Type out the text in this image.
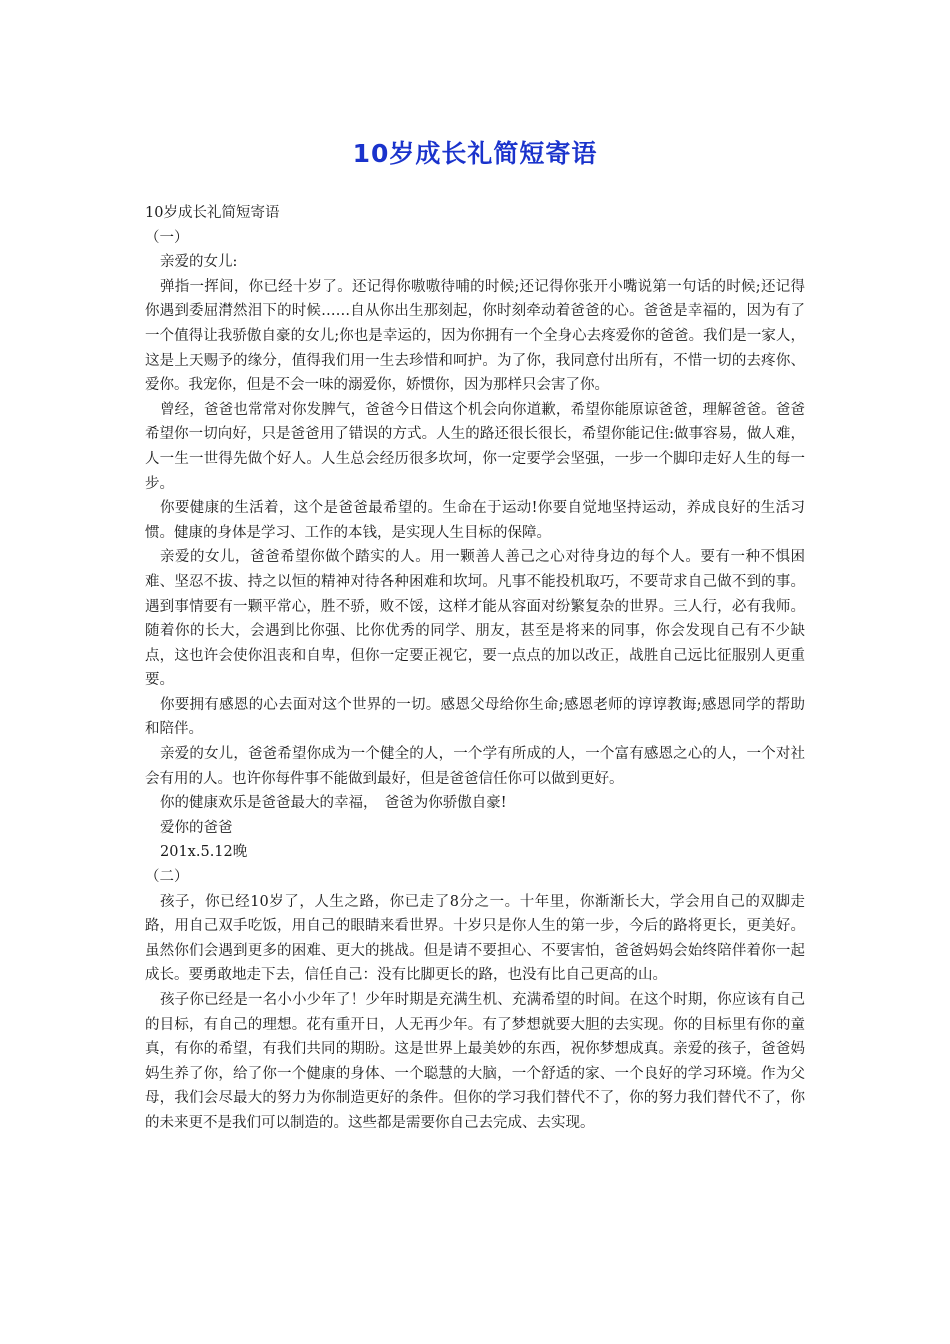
10岁成长礼简短寄语

10岁成长礼简短寄语

（一）

亲爱的女儿:

弹指一挥间，你已经十岁了。还记得你嗷嗷待哺的时候;还记得你张开小嘴说第一句话的时候;还记得你遇到委屈潸然泪下的时候……自从你出生那刻起，你时刻牵动着爸爸的心。爸爸是幸福的，因为有了一个值得让我骄傲自豪的女儿;你也是幸运的，因为你拥有一个全身心去疼爱你的爸爸。我们是一家人，这是上天赐予的缘分，值得我们用一生去珍惜和呵护。为了你，我同意付出所有，不惜一切的去疼你、爱你。我宠你，但是不会一味的溺爱你，娇惯你，因为那样只会害了你。

曾经，爸爸也常常对你发脾气，爸爸今日借这个机会向你道歉，希望你能原谅爸爸，理解爸爸。爸爸希望你一切向好，只是爸爸用了错误的方式。人生的路还很长很长，希望你能记住:做事容易，做人难，人一生一世得先做个好人。人生总会经历很多坎坷，你一定要学会坚强，一步一个脚印走好人生的每一步。

你要健康的生活着，这个是爸爸最希望的。生命在于运动!你要自觉地坚持运动，养成良好的生活习惯。健康的身体是学习、工作的本钱，是实现人生目标的保障。

亲爱的女儿，爸爸希望你做个踏实的人。用一颗善人善己之心对待身边的每个人。要有一种不惧困难、坚忍不拔、持之以恒的精神对待各种困难和坎坷。凡事不能投机取巧，不要苛求自己做不到的事。遇到事情要有一颗平常心，胜不骄，败不馁，这样才能从容面对纷繁复杂的世界。三人行，必有我师。随着你的长大，会遇到比你强、比你优秀的同学、朋友，甚至是将来的同事，你会发现自己有不少缺点，这也许会使你沮丧和自卑，但你一定要正视它，要一点点的加以改正，战胜自己远比征服别人更重要。

你要拥有感恩的心去面对这个世界的一切。感恩父母给你生命;感恩老师的谆谆教诲;感恩同学的帮助和陪伴。

亲爱的女儿，爸爸希望你成为一个健全的人，一个学有所成的人，一个富有感恩之心的人，一个对社会有用的人。也许你每件事不能做到最好，但是爸爸信任你可以做到更好。

你的健康欢乐是爸爸最大的幸福，　爸爸为你骄傲自豪!

爱你的爸爸

201x.5.12晚

（二）

孩子，你已经10岁了，人生之路，你已走了8分之一。十年里，你渐渐长大，学会用自己的双脚走路，用自己双手吃饭，用自己的眼睛来看世界。十岁只是你人生的第一步，今后的路将更长，更美好。虽然你们会遇到更多的困难、更大的挑战。但是请不要担心、不要害怕，爸爸妈妈会始终陪伴着你一起成长。要勇敢地走下去，信任自己：没有比脚更长的路，也没有比自己更高的山。

孩子你已经是一名小小少年了！少年时期是充满生机、充满希望的时间。在这个时期，你应该有自己的目标，有自己的理想。花有重开日，人无再少年。有了梦想就要大胆的去实现。你的目标里有你的童真，有你的希望，有我们共同的期盼。这是世界上最美妙的东西，祝你梦想成真。亲爱的孩子，爸爸妈妈生养了你，给了你一个健康的身体、一个聪慧的大脑，一个舒适的家、一个良好的学习环境。作为父母，我们会尽最大的努力为你制造更好的条件。但你的学习我们替代不了，你的努力我们替代不了，你的未来更不是我们可以制造的。这些都是需要你自己去完成、去实现。
